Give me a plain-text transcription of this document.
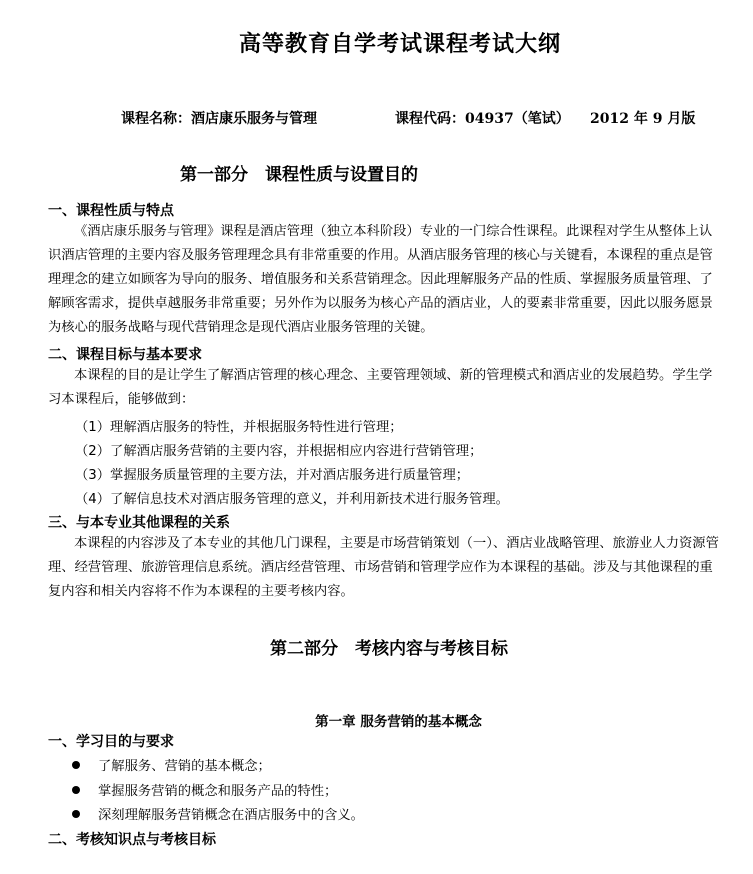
高等教育自学考试课程考试大纲
课程名称：酒店康乐服务与管理	课程代码：04937（笔试） 2012 年 9 月版
第一部分　课程性质与设置目的
一、课程性质与特点
《酒店康乐服务与管理》课程是酒店管理（独立本科阶段）专业的一门综合性课程。此课程对学生从整体上认
识酒店管理的主要内容及服务管理理念具有非常重要的作用。从酒店服务管理的核心与关键看，本课程的重点是管
理理念的建立如顾客为导向的服务、增值服务和关系营销理念。因此理解服务产品的性质、掌握服务质量管理、了
解顾客需求，提供卓越服务非常重要；另外作为以服务为核心产品的酒店业，人的要素非常重要，因此以服务愿景
为核心的服务战略与现代营销理念是现代酒店业服务管理的关键。
二、课程目标与基本要求
本课程的目的是让学生了解酒店管理的核心理念、主要管理领域、新的管理模式和酒店业的发展趋势。学生学
习本课程后，能够做到：
（1）理解酒店服务的特性，并根据服务特性进行管理；
（2）了解酒店服务营销的主要内容，并根据相应内容进行营销管理；
（3）掌握服务质量管理的主要方法，并对酒店服务进行质量管理；
（4）了解信息技术对酒店服务管理的意义，并利用新技术进行服务管理。
三、与本专业其他课程的关系
本课程的内容涉及了本专业的其他几门课程，主要是市场营销策划（一）、酒店业战略管理、旅游业人力资源管
理、经营管理、旅游管理信息系统。酒店经营管理、市场营销和管理学应作为本课程的基础。涉及与其他课程的重
复内容和相关内容将不作为本课程的主要考核内容。
第二部分　考核内容与考核目标
第一章 服务营销的基本概念
一、学习目的与要求
了解服务、营销的基本概念；
掌握服务营销的概念和服务产品的特性；
深刻理解服务营销概念在酒店服务中的含义。
二、考核知识点与考核目标
